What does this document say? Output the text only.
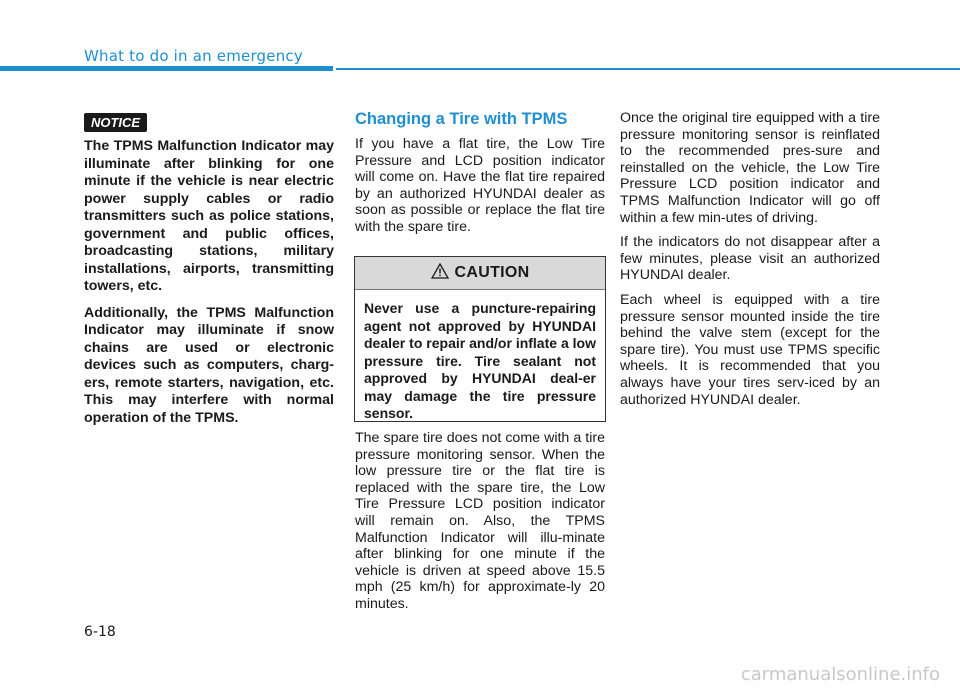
What to do in an emergency
NOTICE

The TPMS Malfunction Indicator may illuminate after blinking for one minute if the vehicle is near electric power supply cables or radio transmitters such as police stations, government and public offices, broadcasting stations, military installations, airports, transmitting towers, etc.

Additionally, the TPMS Malfunction Indicator may illuminate if snow chains are used or electronic devices such as computers, charg-ers, remote starters, navigation, etc. This may interfere with normal operation of the TPMS.

Changing a Tire with TPMS

If you have a flat tire, the Low Tire Pressure and LCD position indicator will come on. Have the flat tire repaired by an authorized HYUNDAI dealer as soon as possible or replace the flat tire with the spare tire.

CAUTION
Never use a puncture-repairing agent not approved by HYUNDAI dealer to repair and/or inflate a low pressure tire. Tire sealant not approved by HYUNDAI deal-er may damage the tire pressure sensor.

The spare tire does not come with a tire pressure monitoring sensor. When the low pressure tire or the flat tire is replaced with the spare tire, the Low Tire Pressure LCD position indicator will remain on. Also, the TPMS Malfunction Indicator will illu-minate after blinking for one minute if the vehicle is driven at speed above 15.5 mph (25 km/h) for approximate-ly 20 minutes.

Once the original tire equipped with a tire pressure monitoring sensor is reinflated to the recommended pres-sure and reinstalled on the vehicle, the Low Tire Pressure LCD position indicator and TPMS Malfunction Indicator will go off within a few min-utes of driving.

If the indicators do not disappear after a few minutes, please visit an authorized HYUNDAI dealer.

Each wheel is equipped with a tire pressure sensor mounted inside the tire behind the valve stem (except for the spare tire). You must use TPMS specific wheels. It is recommended that you always have your tires serv-iced by an authorized HYUNDAI dealer.

6-18
carmanualsonline.info
